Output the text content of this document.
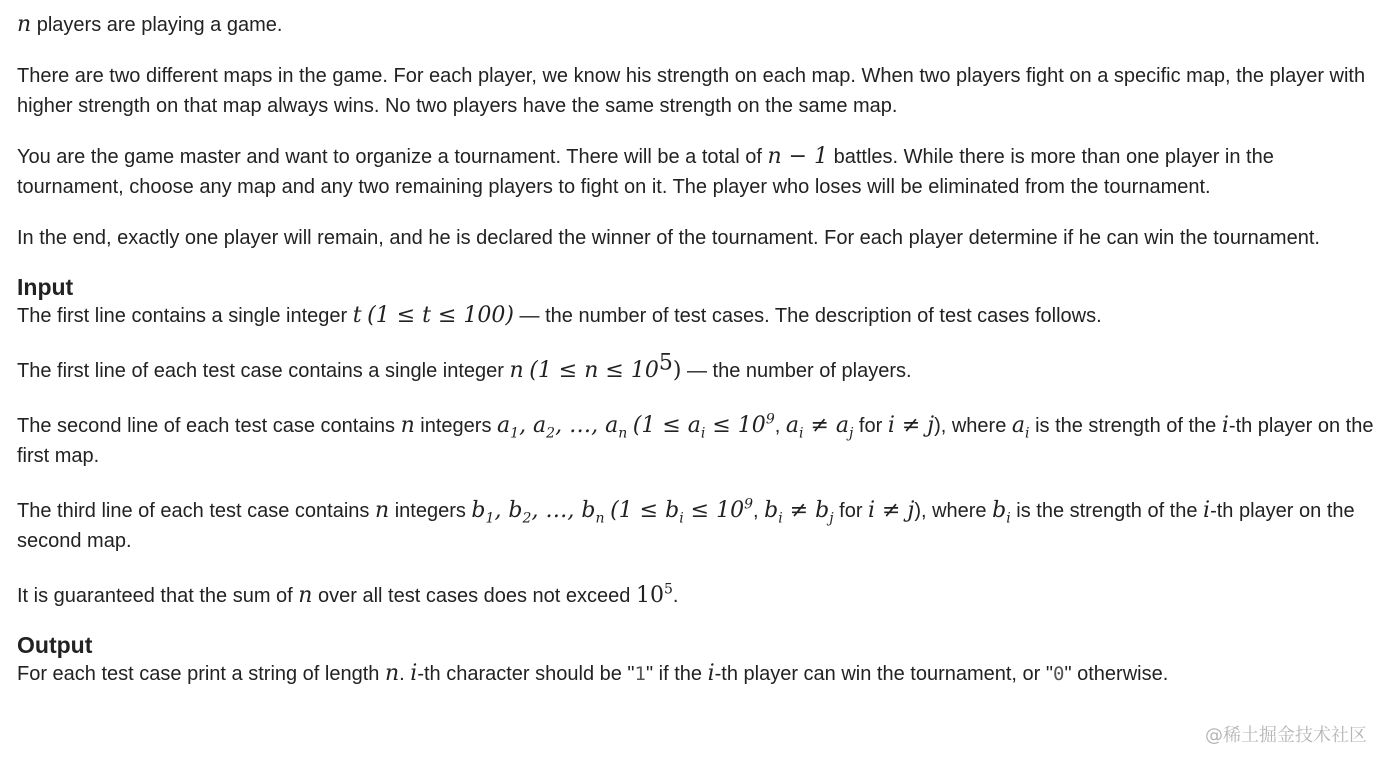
n players are playing a game.

There are two different maps in the game. For each player, we know his strength on each map. When two players fight on a specific map, the player with higher strength on that map always wins. No two players have the same strength on the same map.

You are the game master and want to organize a tournament. There will be a total of n − 1 battles. While there is more than one player in the tournament, choose any map and any two remaining players to fight on it. The player who loses will be eliminated from the tournament.

In the end, exactly one player will remain, and he is declared the winner of the tournament. For each player determine if he can win the tournament.

Input

The first line contains a single integer t (1 ≤ t ≤ 100) — the number of test cases. The description of test cases follows.

The first line of each test case contains a single integer n $(1 \le n \le 10^5)$ — the number of players.

The second line of each test case contains n integers $a_1$, $a_2$, …, $a_n$ ($1 \le a_i \le 10^9$, $a_i \ne a_j$ for i ≠ j), where $a_i$ is the strength of the i-th player on the first map.

The third line of each test case contains n integers $b_1$, $b_2$, …, $b_n$ ($1 \le b_i \le 10^9$, $b_i \ne b_j$ for i ≠ j), where $b_i$ is the strength of the i-th player on the second map.

It is guaranteed that the sum of n over all test cases does not exceed $10^5$.

Output

For each test case print a string of length n. i-th character should be "1" if the i-th player can win the tournament, or "0" otherwise.

@稀土掘金技术社区
